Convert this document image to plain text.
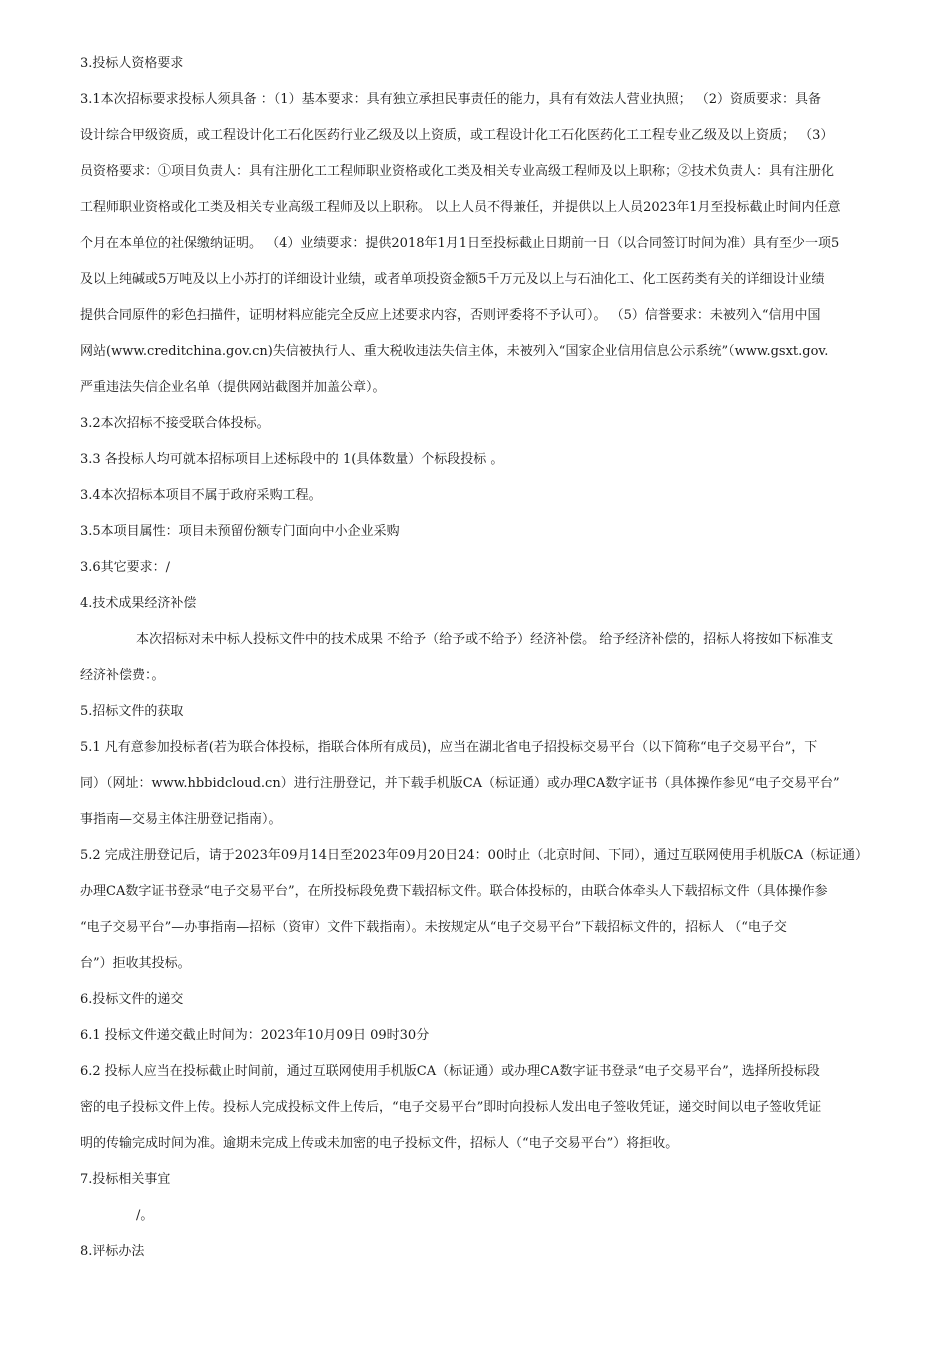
3.投标人资格要求
3.1本次招标要求投标人须具备 ：（1）基本要求：具有独立承担民事责任的能力，具有有效法人营业执照； （2）资质要求：具备
设计综合甲级资质，或工程设计化工石化医药行业乙级及以上资质，或工程设计化工石化医药化工工程专业乙级及以上资质； （3）
员资格要求：①项目负责人：具有注册化工工程师职业资格或化工类及相关专业高级工程师及以上职称；②技术负责人：具有注册化
工程师职业资格或化工类及相关专业高级工程师及以上职称。 以上人员不得兼任，并提供以上人员2023年1月至投标截止时间内任意
个月在本单位的社保缴纳证明。 （4）业绩要求：提供2018年1月1日至投标截止日期前一日（以合同签订时间为准）具有至少一项5
及以上纯碱或5万吨及以上小苏打的详细设计业绩，或者单项投资金额5千万元及以上与石油化工、化工医药类有关的详细设计业绩
提供合同原件的彩色扫描件，证明材料应能完全反应上述要求内容，否则评委将不予认可）。 （5）信誉要求：未被列入“信用中国
网站(www.creditchina.gov.cn)失信被执行人、重大税收违法失信主体，未被列入“国家企业信用信息公示系统”（www.gsxt.gov.
严重违法失信企业名单（提供网站截图并加盖公章）。
3.2本次招标不接受联合体投标。
3.3 各投标人均可就本招标项目上述标段中的 1(具体数量）个标段投标 。
3.4本次招标本项目不属于政府采购工程。
3.5本项目属性：项目未预留份额专门面向中小企业采购
3.6其它要求：/
4.技术成果经济补偿
本次招标对未中标人投标文件中的技术成果 不给予（给予或不给予）经济补偿。 给予经济补偿的，招标人将按如下标准支
经济补偿费：。
5.招标文件的获取
5.1 凡有意参加投标者(若为联合体投标，指联合体所有成员)，应当在湖北省电子招投标交易平台（以下简称“电子交易平台”，下
同）（网址：www.hbbidcloud.cn）进行注册登记，并下载手机版CA（标证通）或办理CA数字证书（具体操作参见“电子交易平台”
事指南—交易主体注册登记指南）。
5.2 完成注册登记后，请于2023年09月14日至2023年09月20日24：00时止（北京时间、下同），通过互联网使用手机版CA（标证通）
办理CA数字证书登录“电子交易平台”，在所投标段免费下载招标文件。联合体投标的，由联合体牵头人下载招标文件（具体操作参
“电子交易平台”—办事指南—招标（资审）文件下载指南）。未按规定从“电子交易平台”下载招标文件的，招标人 （“电子交
台”）拒收其投标。
6.投标文件的递交
6.1 投标文件递交截止时间为：2023年10月09日 09时30分
6.2 投标人应当在投标截止时间前，通过互联网使用手机版CA（标证通）或办理CA数字证书登录“电子交易平台”，选择所投标段
密的电子投标文件上传。投标人完成投标文件上传后，“电子交易平台”即时向投标人发出电子签收凭证，递交时间以电子签收凭证
明的传输完成时间为准。逾期未完成上传或未加密的电子投标文件，招标人（“电子交易平台”）将拒收。
7.投标相关事宜
/。
8.评标办法
